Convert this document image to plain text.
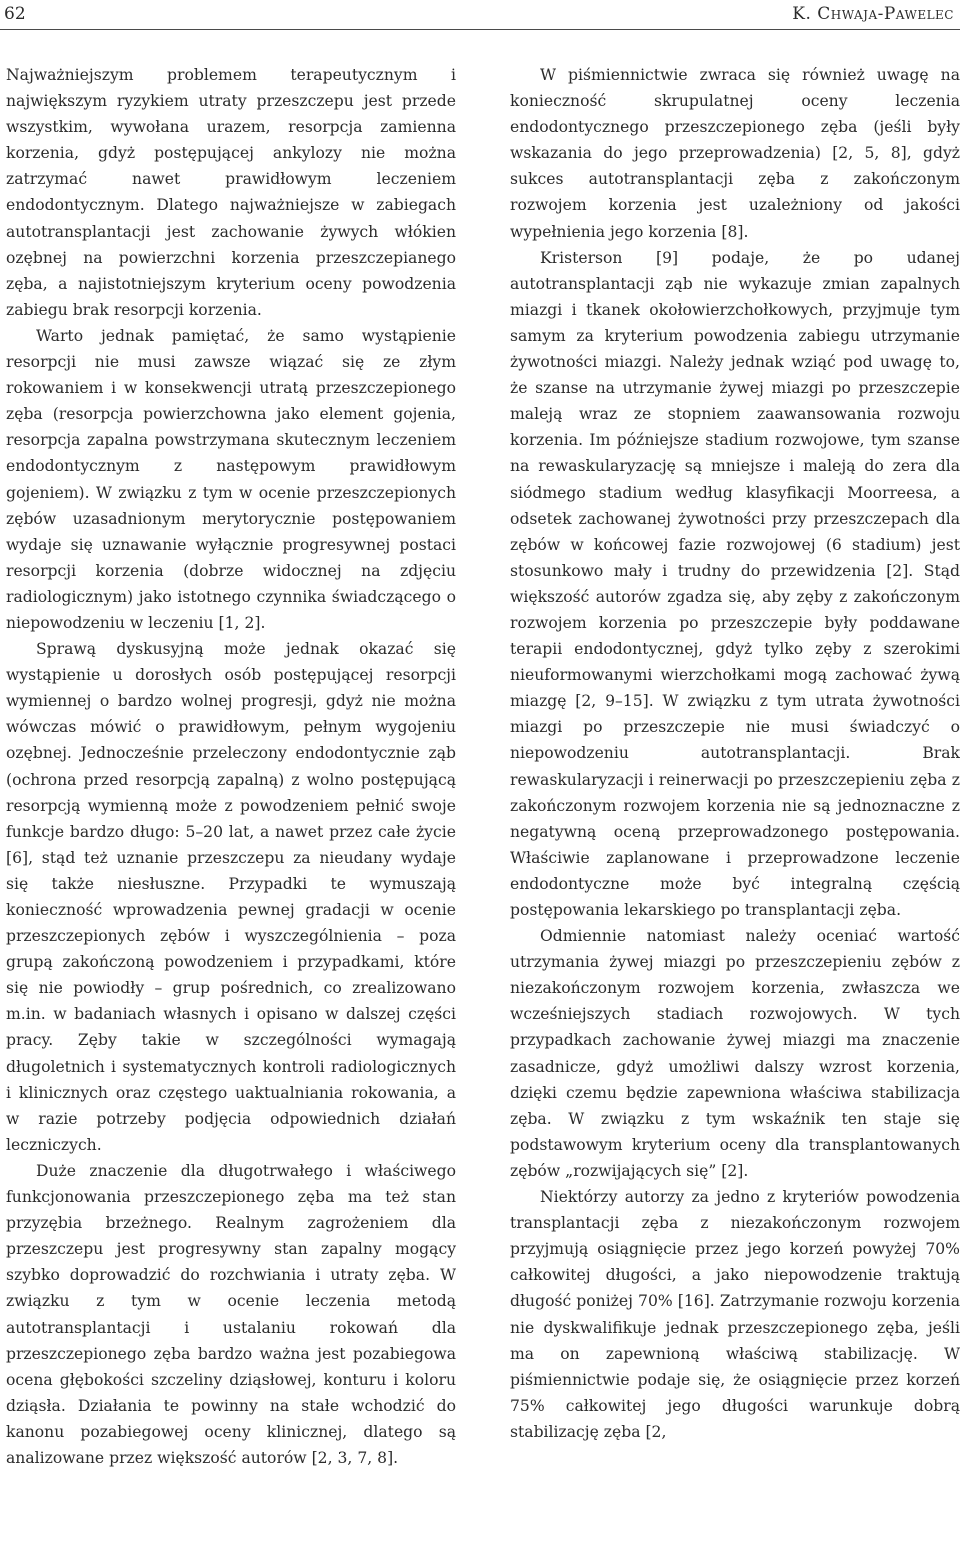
62	K. Chwaja-Pawelec

Najważniejszym problemem terapeutycznym i największym ryzykiem utraty przeszczepu jest przede wszystkim, wywołana urazem, resorpcja zamienna korzenia, gdyż postępującej ankylozy nie można zatrzymać nawet prawidłowym leczeniem endodontycznym. Dlatego najważniejsze w zabiegach autotransplantacji jest zachowanie żywych włókien ozębnej na powierzchni korzenia przeszczepianego zęba, a najistotniejszym kryterium oceny powodzenia zabiegu brak resorpcji korzenia.

Warto jednak pamiętać, że samo wystąpienie resorpcji nie musi zawsze wiązać się ze złym rokowaniem i w konsekwencji utratą przeszczepionego zęba (resorpcja powierzchowna jako element gojenia, resorpcja zapalna powstrzymana skutecznym leczeniem endodontycznym z następowym prawidłowym gojeniem). W związku z tym w ocenie przeszczepionych zębów uzasadnionym merytorycznie postępowaniem wydaje się uznawanie wyłącznie progresywnej postaci resorpcji korzenia (dobrze widocznej na zdjęciu radiologicznym) jako istotnego czynnika świadczącego o niepowodzeniu w leczeniu [1, 2].

Sprawą dyskusyjną może jednak okazać się wystąpienie u dorosłych osób postępującej resorpcji wymiennej o bardzo wolnej progresji, gdyż nie można wówczas mówić o prawidłowym, pełnym wygojeniu ozębnej. Jednocześnie przeleczony endodontycznie ząb (ochrona przed resorpcją zapalną) z wolno postępującą resorpcją wymienną może z powodzeniem pełnić swoje funkcje bardzo długo: 5–20 lat, a nawet przez całe życie [6], stąd też uznanie przeszczepu za nieudany wydaje się także niesłuszne. Przypadki te wymuszają konieczność wprowadzenia pewnej gradacji w ocenie przeszczepionych zębów i wyszczególnienia – poza grupą zakończoną powodzeniem i przypadkami, które się nie powiodły – grup pośrednich, co zrealizowano m.in. w badaniach własnych i opisano w dalszej części pracy. Zęby takie w szczególności wymagają długoletnich i systematycznych kontroli radiologicznych i klinicznych oraz częstego uaktualniania rokowania, a w razie potrzeby podjęcia odpowiednich działań leczniczych.

Duże znaczenie dla długotrwałego i właściwego funkcjonowania przeszczepionego zęba ma też stan przyzębia brzeżnego. Realnym zagrożeniem dla przeszczepu jest progresywny stan zapalny mogący szybko doprowadzić do rozchwiania i utraty zęba. W związku z tym w ocenie leczenia metodą autotransplantacji i ustalaniu rokowań dla przeszczepionego zęba bardzo ważna jest pozabiegowa ocena głębokości szczeliny dziąsłowej, konturu i koloru dziąsła. Działania te powinny na stałe wchodzić do kanonu pozabiegowej oceny klinicznej, dlatego są analizowane przez większość autorów [2, 3, 7, 8].

W piśmiennictwie zwraca się również uwagę na konieczność skrupulatnej oceny leczenia endodontycznego przeszczepionego zęba (jeśli były wskazania do jego przeprowadzenia) [2, 5, 8], gdyż sukces autotransplantacji zęba z zakończonym rozwojem korzenia jest uzależniony od jakości wypełnienia jego korzenia [8].

Kristerson [9] podaje, że po udanej autotransplantacji ząb nie wykazuje zmian zapalnych miazgi i tkanek okołowierzchołkowych, przyjmuje tym samym za kryterium powodzenia zabiegu utrzymanie żywotności miazgi. Należy jednak wziąć pod uwagę to, że szanse na utrzymanie żywej miazgi po przeszczepie maleją wraz ze stopniem zaawansowania rozwoju korzenia. Im późniejsze stadium rozwojowe, tym szanse na rewaskularyzację są mniejsze i maleją do zera dla siódmego stadium według klasyfikacji Moorreesa, a odsetek zachowanej żywotności przy przeszczepach dla zębów w końcowej fazie rozwojowej (6 stadium) jest stosunkowo mały i trudny do przewidzenia [2]. Stąd większość autorów zgadza się, aby zęby z zakończonym rozwojem korzenia po przeszczepie były poddawane terapii endodontycznej, gdyż tylko zęby z szerokimi nieuformowanymi wierzchołkami mogą zachować żywą miazgę [2, 9–15]. W związku z tym utrata żywotności miazgi po przeszczepie nie musi świadczyć o niepowodzeniu autotransplantacji. Brak rewaskularyzacji i reinerwacji po przeszczepieniu zęba z zakończonym rozwojem korzenia nie są jednoznaczne z negatywną oceną przeprowadzonego postępowania. Właściwie zaplanowane i przeprowadzone leczenie endodontyczne może być integralną częścią postępowania lekarskiego po transplantacji zęba.

Odmiennie natomiast należy oceniać wartość utrzymania żywej miazgi po przeszczepieniu zębów z niezakończonym rozwojem korzenia, zwłaszcza we wcześniejszych stadiach rozwojowych. W tych przypadkach zachowanie żywej miazgi ma znaczenie zasadnicze, gdyż umożliwi dalszy wzrost korzenia, dzięki czemu będzie zapewniona właściwa stabilizacja zęba. W związku z tym wskaźnik ten staje się podstawowym kryterium oceny dla transplantowanych zębów „rozwijających się” [2].

Niektórzy autorzy za jedno z kryteriów powodzenia transplantacji zęba z niezakończonym rozwojem przyjmują osiągnięcie przez jego korzeń powyżej 70% całkowitej długości, a jako niepowodzenie traktują długość poniżej 70% [16]. Zatrzymanie rozwoju korzenia nie dyskwalifikuje jednak przeszczepionego zęba, jeśli ma on zapewnioną właściwą stabilizację. W piśmiennictwie podaje się, że osiągnięcie przez korzeń 75% całkowitej jego długości warunkuje dobrą stabilizację zęba [2,
